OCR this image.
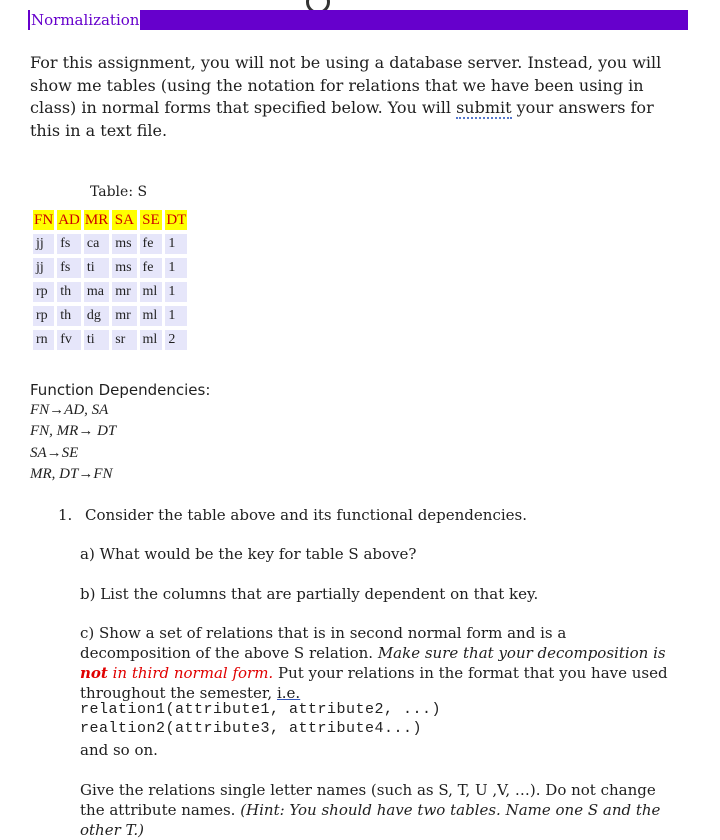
Normalization

For this assignment, you will not be using a database server. Instead, you will show me tables (using the notation for relations that we have been using in class) in normal forms that specified below. You will submit your answers for this in a text file.

Table: S
FN	AD	MR	SA	SE	DT
jj	fs	ca	ms	fe	1
jj	fs	ti	ms	fe	1
rp	th	ma	mr	ml	1
rp	th	dg	mr	ml	1
rn	fv	ti	sr	ml	2
Function Dependencies:
FN→AD, SA
FN, MR→ DT
SA→SE
MR, DT→FN
1. Consider the table above and its functional dependencies.

a) What would be the key for table S above?

b) List the columns that are partially dependent on that key.

c) Show a set of relations that is in second normal form and is a decomposition of the above S relation. Make sure that your decomposition is not in third normal form. Put your relations in the format that you have used throughout the semester, i.e.

relation1(attribute1, attribute2, ...)
realtion2(attribute3, attribute4...)
and so on.

Give the relations single letter names (such as S, T, U ,V, …). Do not change the attribute names. (Hint: You should have two tables. Name one S and the other T.)
